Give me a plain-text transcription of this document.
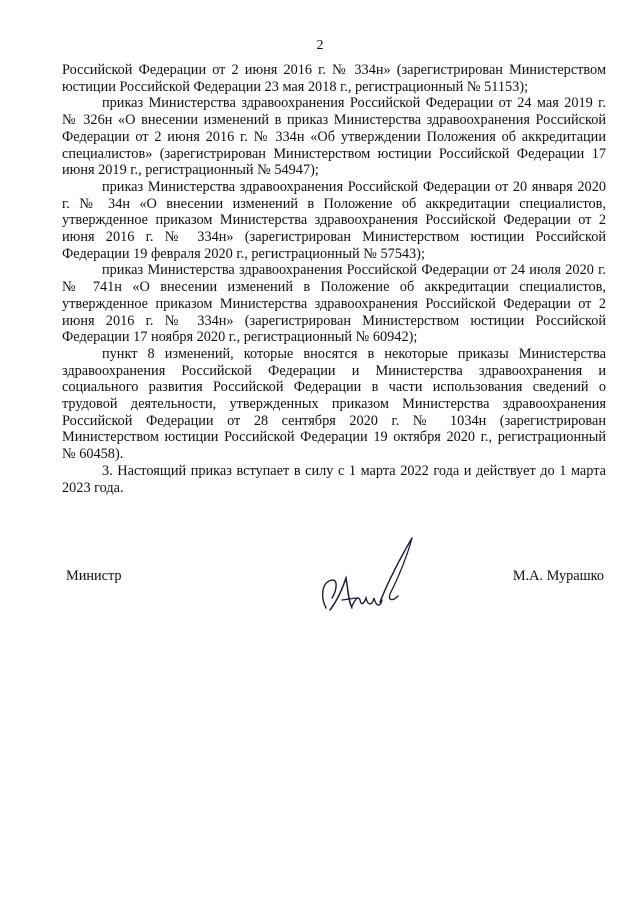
2

Российской Федерации от 2 июня 2016 г. № 334н» (зарегистрирован Министерством юстиции Российской Федерации 23 мая 2018 г., регистрационный № 51153);

приказ Министерства здравоохранения Российской Федерации от 24 мая 2019 г. № 326н «О внесении изменений в приказ Министерства здравоохранения Российской Федерации от 2 июня 2016 г. № 334н «Об утверждении Положения об аккредитации специалистов» (зарегистрирован Министерством юстиции Российской Федерации 17 июня 2019 г., регистрационный № 54947);

приказ Министерства здравоохранения Российской Федерации от 20 января 2020 г. № 34н «О внесении изменений в Положение об аккредитации специалистов, утвержденное приказом Министерства здравоохранения Российской Федерации от 2 июня 2016 г. № 334н» (зарегистрирован Министерством юстиции Российской Федерации 19 февраля 2020 г., регистрационный № 57543);

приказ Министерства здравоохранения Российской Федерации от 24 июля 2020 г. № 741н «О внесении изменений в Положение об аккредитации специалистов, утвержденное приказом Министерства здравоохранения Российской Федерации от 2 июня 2016 г. № 334н» (зарегистрирован Министерством юстиции Российской Федерации 17 ноября 2020 г., регистрационный № 60942);

пункт 8 изменений, которые вносятся в некоторые приказы Министерства здравоохранения Российской Федерации и Министерства здравоохранения и социального развития Российской Федерации в части использования сведений о трудовой деятельности, утвержденных приказом Министерства здравоохранения Российской Федерации от 28 сентября 2020 г. № 1034н (зарегистрирован Министерством юстиции Российской Федерации 19 октября 2020 г., регистрационный № 60458).

3. Настоящий приказ вступает в силу с 1 марта 2022 года и действует до 1 марта 2023 года.

Министр	М.А. Мурашко
